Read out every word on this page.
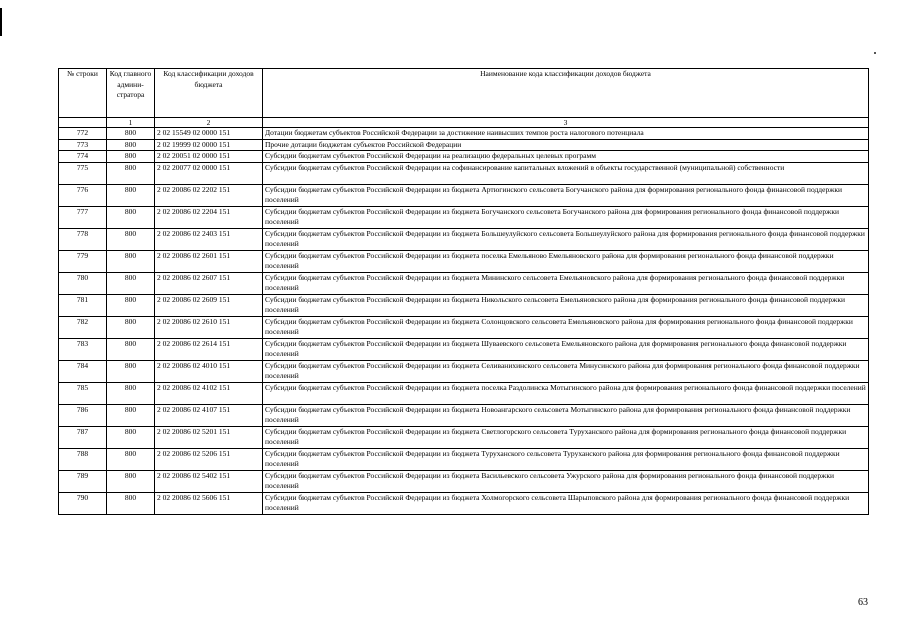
№ строки	Код главного админи-стратора	Код классификации доходов бюджета	Наименование кода классификации доходов бюджета
	1	2	3
772	800	2 02 15549 02 0000 151	Дотации бюджетам субъектов Российской Федерации за достижение наивысших темпов роста налогового потенциала
773	800	2 02 19999 02 0000 151	Прочие дотации бюджетам субъектов Российской Федерации
774	800	2 02 20051 02 0000 151	Субсидии бюджетам субъектов Российской Федерации на реализацию федеральных целевых программ
775	800	2 02 20077 02 0000 151	Субсидии бюджетам субъектов Российской Федерации на софинансирование капитальных вложений в объекты государственной (муниципальной) собственности
776	800	2 02 20086 02 2202 151	Субсидии бюджетам субъектов Российской Федерации из бюджета Артюгинского сельсовета Богучанского района для формирования регионального фонда финансовой поддержки поселений
777	800	2 02 20086 02 2204 151	Субсидии бюджетам субъектов Российской Федерации из бюджета Богучанского сельсовета Богучанского района для формирования регионального фонда финансовой поддержки поселений
778	800	2 02 20086 02 2403 151	Субсидии бюджетам субъектов Российской Федерации из бюджета Большеулуйского сельсовета Большеулуйского района для формирования регионального фонда финансовой поддержки поселений
779	800	2 02 20086 02 2601 151	Субсидии бюджетам субъектов Российской Федерации из бюджета поселка Емельяново Емельяновского района для формирования регионального фонда финансовой поддержки поселений
780	800	2 02 20086 02 2607 151	Субсидии бюджетам субъектов Российской Федерации из бюджета Мининского сельсовета Емельяновского района для формирования регионального фонда финансовой поддержки поселений
781	800	2 02 20086 02 2609 151	Субсидии бюджетам субъектов Российской Федерации из бюджета Никольского сельсовета Емельяновского района для формирования регионального фонда финансовой поддержки поселений
782	800	2 02 20086 02 2610 151	Субсидии бюджетам субъектов Российской Федерации из бюджета Солонцовского сельсовета Емельяновского района для формирования регионального фонда финансовой поддержки поселений
783	800	2 02 20086 02 2614 151	Субсидии бюджетам субъектов Российской Федерации из бюджета Шуваевского сельсовета Емельяновского района для формирования регионального фонда финансовой поддержки поселений
784	800	2 02 20086 02 4010 151	Субсидии бюджетам субъектов Российской Федерации из бюджета Селиванихинского сельсовета Минусинского района для формирования регионального фонда финансовой поддержки поселений
785	800	2 02 20086 02 4102 151	Субсидии бюджетам субъектов Российской Федерации из бюджета поселка Раздолинска Мотыгинского района для формирования регионального фонда финансовой поддержки поселений
786	800	2 02 20086 02 4107 151	Субсидии бюджетам субъектов Российской Федерации из бюджета Новоангарского сельсовета Мотыгинского района для формирования регионального фонда финансовой поддержки поселений
787	800	2 02 20086 02 5201 151	Субсидии бюджетам субъектов Российской Федерации из бюджета Светлогорского сельсовета Туруханского района для формирования регионального фонда финансовой поддержки поселений
788	800	2 02 20086 02 5206 151	Субсидии бюджетам субъектов Российской Федерации из бюджета Туруханского сельсовета Туруханского района для формирования регионального фонда финансовой поддержки поселений
789	800	2 02 20086 02 5402 151	Субсидии бюджетам субъектов Российской Федерации из бюджета Васильевского сельсовета Ужурского района для формирования регионального фонда финансовой поддержки поселений
790	800	2 02 20086 02 5606 151	Субсидии бюджетам субъектов Российской Федерации из бюджета Холмогорского сельсовета Шарыповского района для формирования регионального фонда финансовой поддержки поселений
63
